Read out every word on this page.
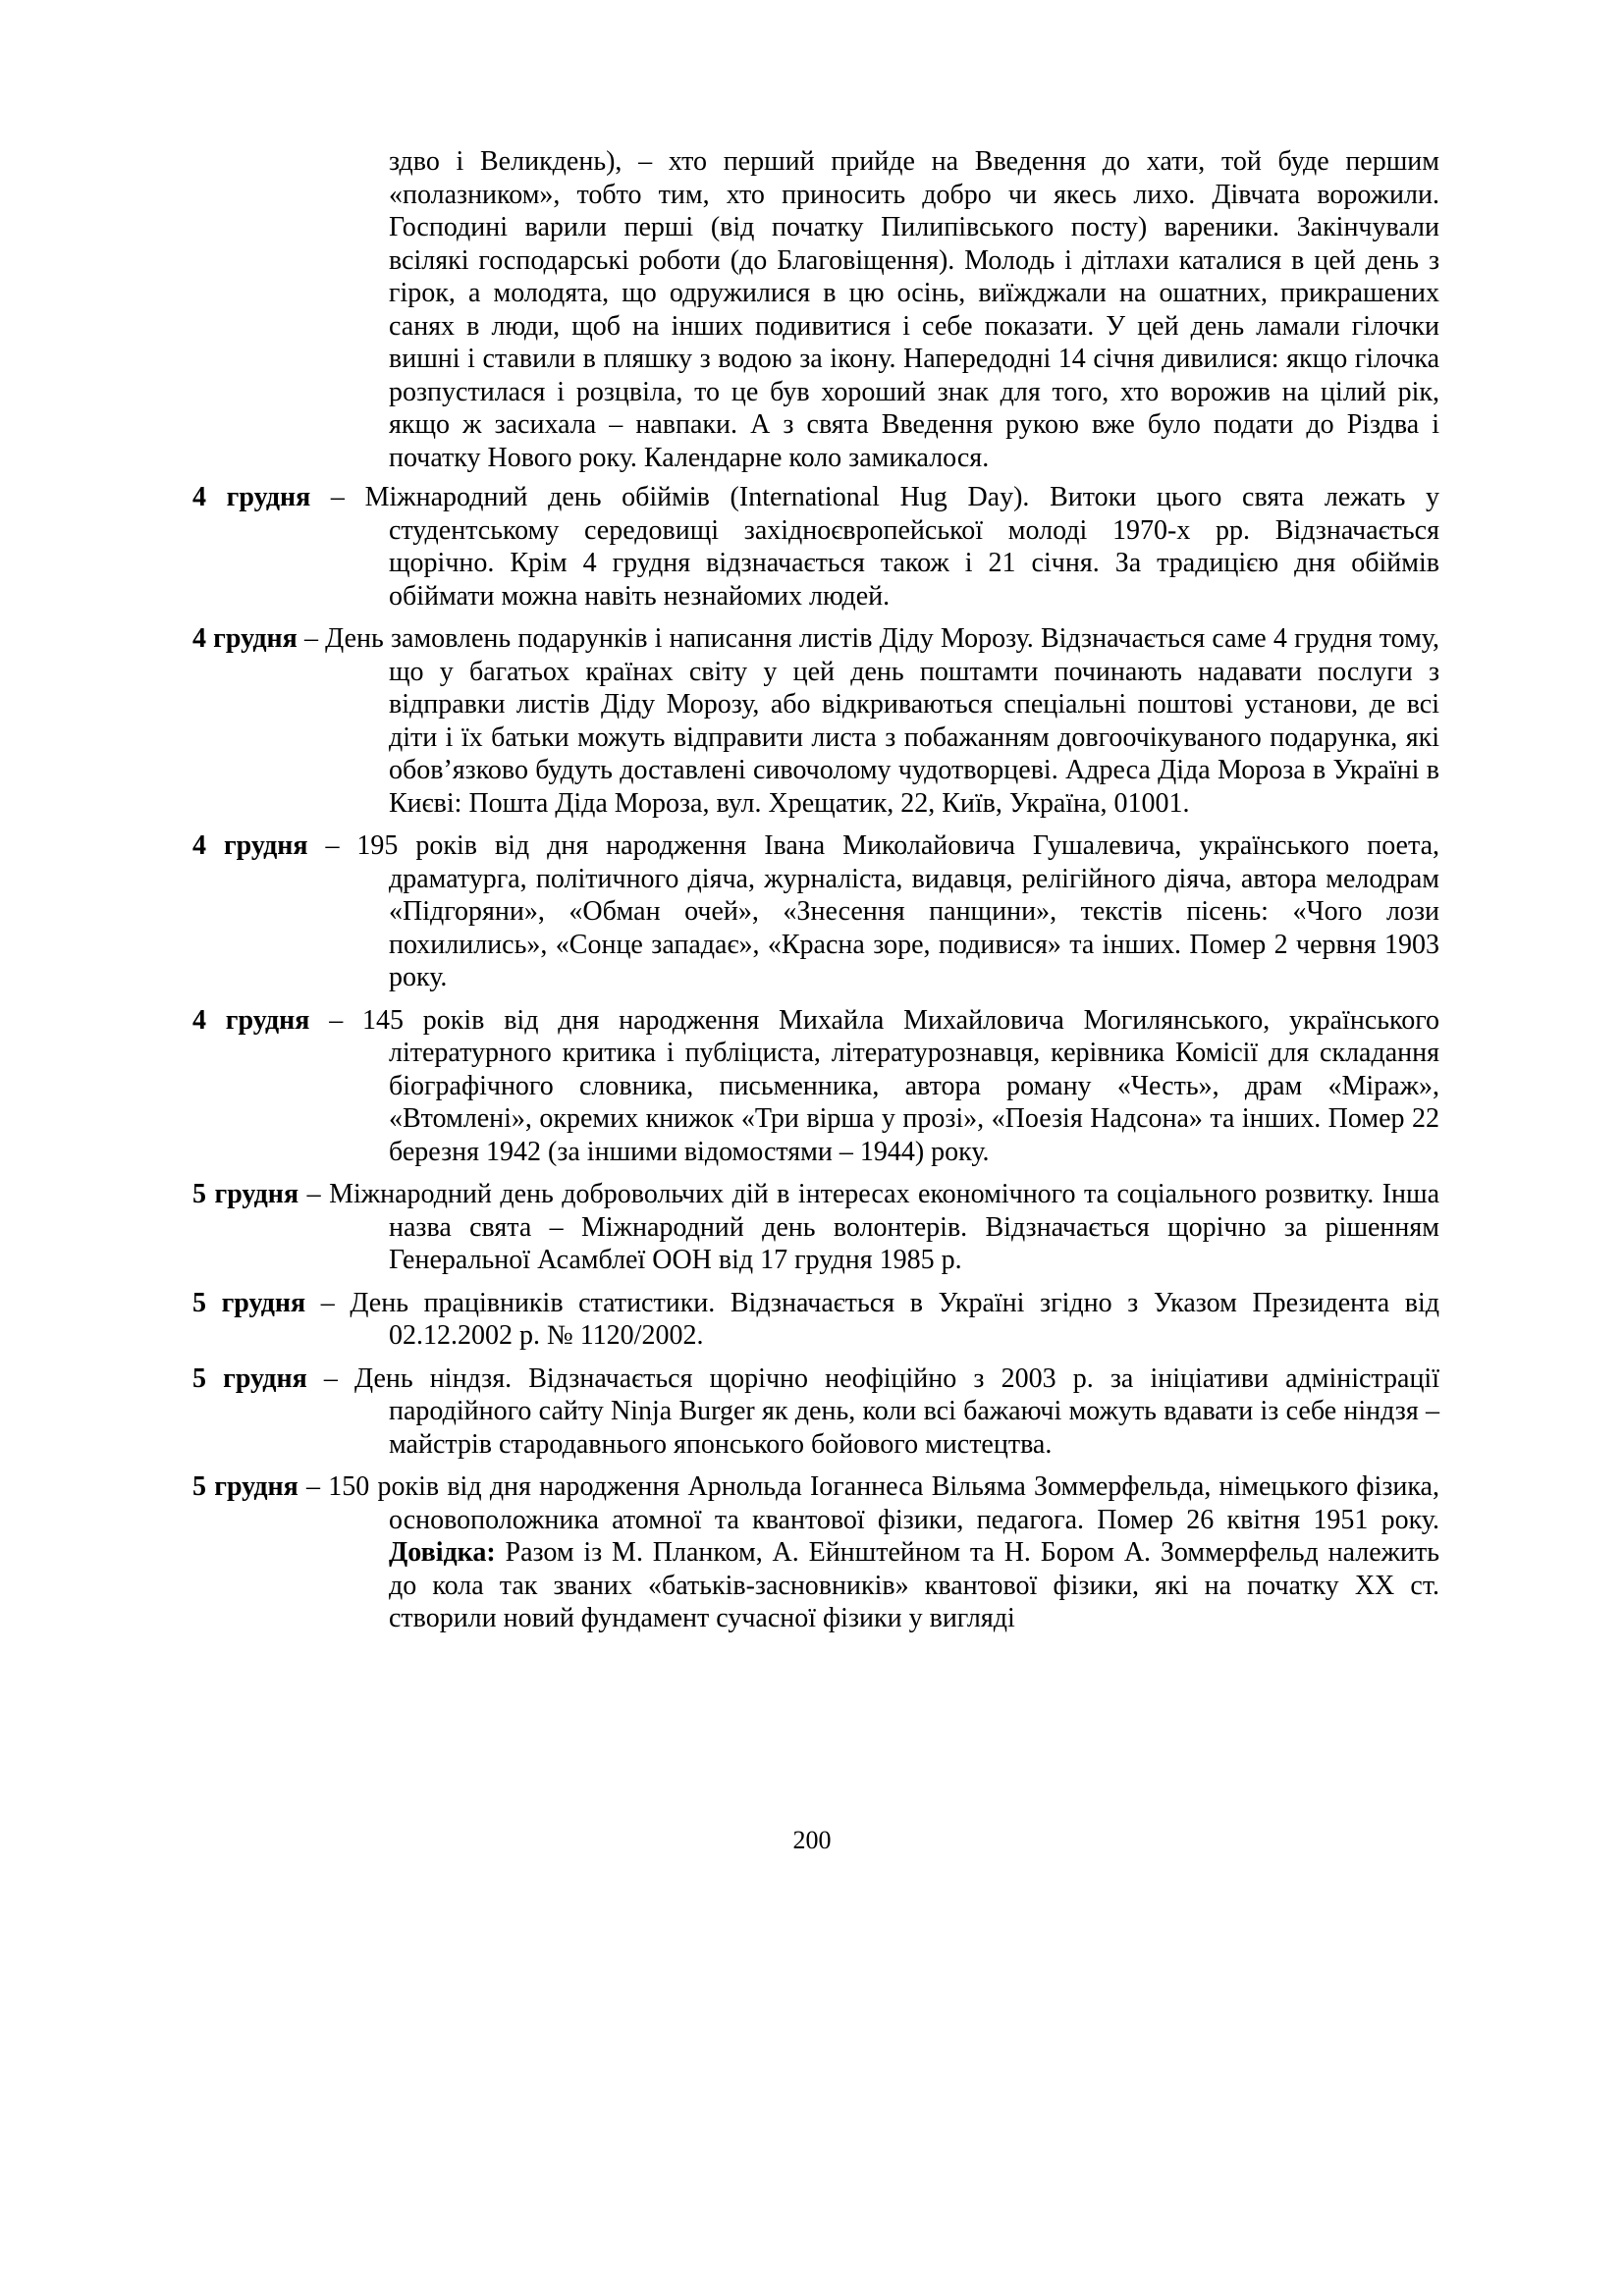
здво і Великдень), – хто перший прийде на Введення до хати, той буде першим «полазником», тобто тим, хто приносить добро чи якесь лихо. Дівчата ворожили. Господині варили перші (від початку Пилипівського посту) вареники. Закінчували всілякі господарські роботи (до Благовіщення). Молодь і дітлахи каталися в цей день з гірок, а молодята, що одружилися в цю осінь, виїжджали на ошатних, прикрашених санях в люди, щоб на інших подивитися і себе показати. У цей день ламали гілочки вишні і ставили в пляшку з водою за ікону. Напередодні 14 січня дивилися: якщо гілочка розпустилася і розцвіла, то це був хороший знак для того, хто ворожив на цілий рік, якщо ж засихала – навпаки. А з свята Введення рукою вже було подати до Різдва і початку Нового року. Календарне коло замикалося.

4 грудня – Міжнародний день обіймів (International Hug Day). Витоки цього свята лежать у студентському середовищі західноєвропейської молоді 1970-х рр. Відзначається щорічно. Крім 4 грудня відзначається також і 21 січня. За традицією дня обіймів обіймати можна навіть незнайомих людей.

4 грудня – День замовлень подарунків і написання листів Діду Морозу. Відзначається саме 4 грудня тому, що у багатьох країнах світу у цей день поштамти починають надавати послуги з відправки листів Діду Морозу, або відкриваються спеціальні поштові установи, де всі діти і їх батьки можуть відправити листа з побажанням довгоочікуваного подарунка, які обов’язково будуть доставлені сивочолому чудотворцеві. Адреса Діда Мороза в Україні в Києві: Пошта Діда Мороза, вул. Хрещатик, 22, Київ, Україна, 01001.

4 грудня – 195 років від дня народження Івана Миколайовича Гушалевича, українського поета, драматурга, політичного діяча, журналіста, видавця, релігійного діяча, автора мелодрам «Підгоряни», «Обман очей», «Знесення панщини», текстів пісень: «Чого лози похилились», «Сонце западає», «Красна зоре, подивися» та інших. Помер 2 червня 1903 року.

4 грудня – 145 років від дня народження Михайла Михайловича Могилянського, українського літературного критика і публіциста, літературознавця, керівника Комісії для складання біографічного словника, письменника, автора роману «Честь», драм «Міраж», «Втомлені», окремих книжок «Три вірша у прозі», «Поезія Надсона» та інших. Помер 22 березня 1942 (за іншими відомостями – 1944) року.

5 грудня – Міжнародний день добровольчих дій в інтересах економічного та соціального розвитку. Інша назва свята – Міжнародний день волонтерів. Відзначається щорічно за рішенням Генеральної Асамблеї ООН від 17 грудня 1985 р.

5 грудня – День працівників статистики. Відзначається в Україні згідно з Указом Президента від 02.12.2002 р. № 1120/2002.

5 грудня – День ніндзя. Відзначається щорічно неофіційно з 2003 р. за ініціативи адміністрації пародійного сайту Ninja Burger як день, коли всі бажаючі можуть вдавати із себе ніндзя – майстрів стародавнього японського бойового мистецтва.

5 грудня – 150 років від дня народження Арнольда Іоганнеса Вільяма Зоммерфельда, німецького фізика, основоположника атомної та квантової фізики, педагога. Помер 26 квітня 1951 року. Довідка: Разом із М. Планком, А. Ейнштейном та Н. Бором А. Зоммерфельд належить до кола так званих «батьків-засновників» квантової фізики, які на початку ХХ ст. створили новий фундамент сучасної фізики у вигляді

200
